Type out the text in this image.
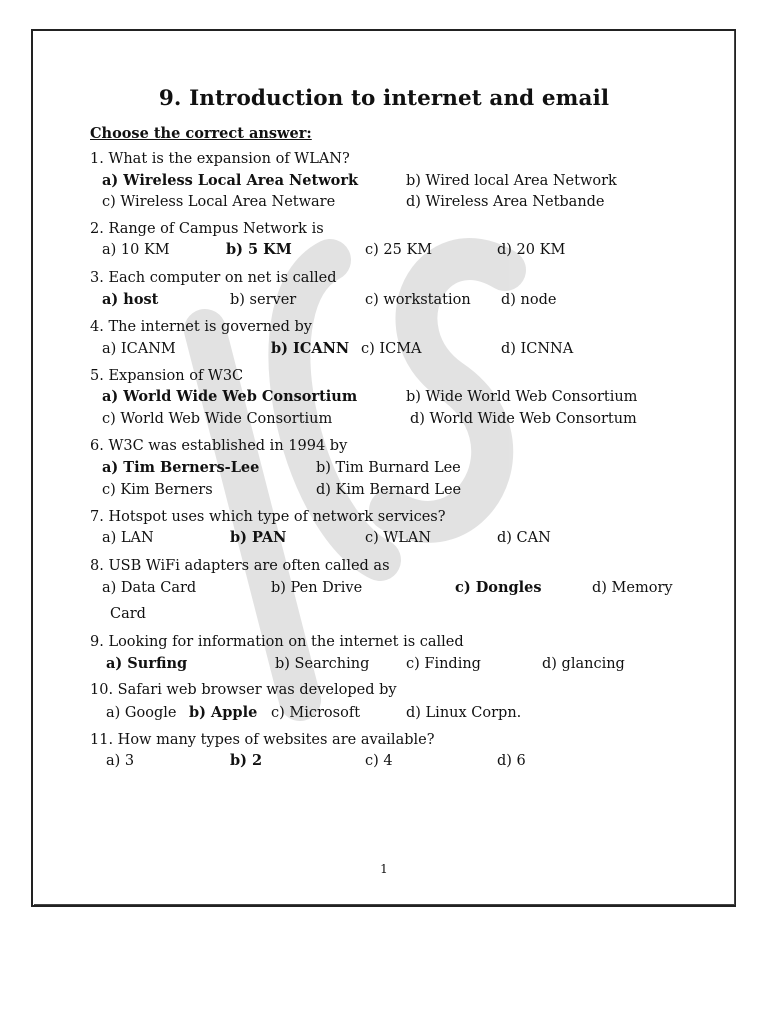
9. Introduction to internet and email
Choose the correct answer:
1. What is the expansion of WLAN?
a) Wireless Local Area Network	b) Wired local Area Network
c) Wireless Local Area Netware	d) Wireless Area Netbande
2. Range of Campus Network is
a) 10 KM	b) 5 KM	c) 25 KM	d) 20 KM
3. Each computer on net is called
a) host	b) server	c) workstation d) node
4. The internet is governed by
a) ICANM	b) ICANN c) ICMA	d) ICNNA
5. Expansion of W3C
a) World Wide Web Consortium	b) Wide World Web Consortium
c) World Web Wide Consortium	d) World Wide Web Consortum
6. W3C was established in 1994 by
a) Tim Berners-Lee	b) Tim Burnard Lee
c) Kim Berners	d) Kim Bernard Lee
7. Hotspot uses which type of network services?
a) LAN	b) PAN	c) WLAN	d) CAN
8. USB WiFi adapters are often called as
a) Data Card	b) Pen Drive	c) Dongles	d) Memory
Card
9. Looking for information on the internet is called
a) Surfing	b) Searching	c) Finding	d) glancing
10. Safari web browser was developed by
a) Google b) Apple c) Microsoft	d) Linux Corpn.
11. How many types of websites are available?
a) 3	b) 2	c) 4	d) 6
1
